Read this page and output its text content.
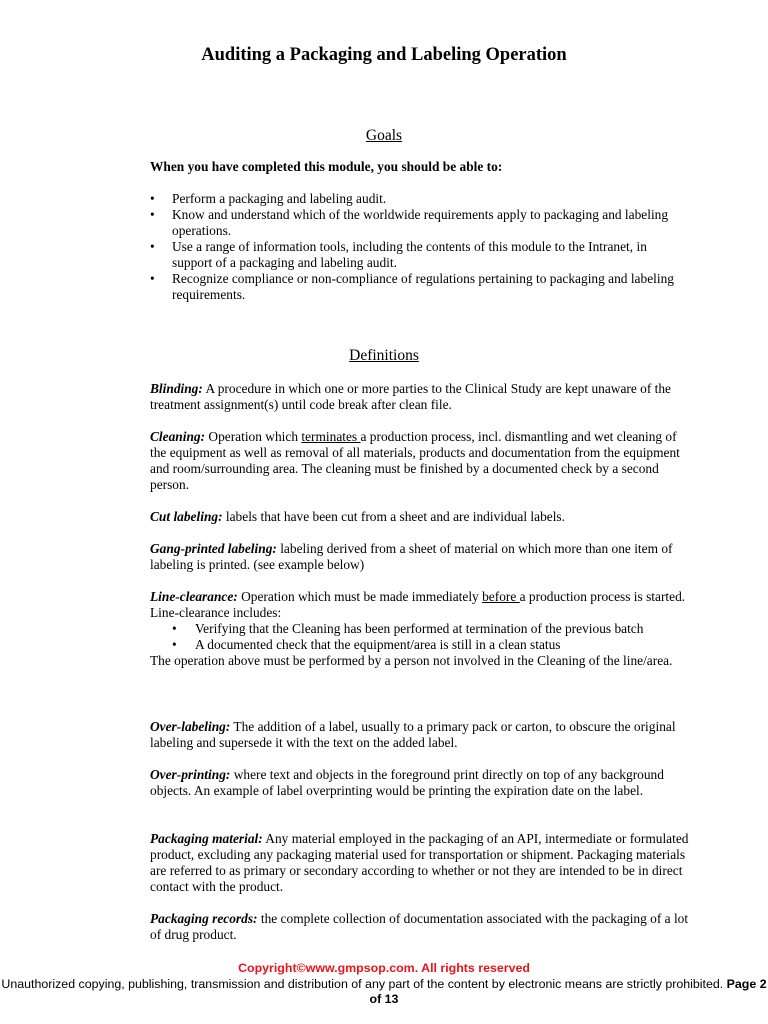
Auditing a Packaging and Labeling Operation
Goals
When you have completed this module, you should be able to:
•	Perform a packaging and labeling audit.
•	Know and understand which of the worldwide requirements apply to packaging and labeling operations.
•	Use a range of information tools, including the contents of this module to the Intranet, in support of a packaging and labeling audit.
•	Recognize compliance or non-compliance of regulations pertaining to packaging and labeling requirements.
Definitions
Blinding: A procedure in which one or more parties to the Clinical Study are kept unaware of the treatment assignment(s) until code break after clean file.
Cleaning: Operation which terminates a production process, incl. dismantling and wet cleaning of the equipment as well as removal of all materials, products and documentation from the equipment and room/surrounding area. The cleaning must be finished by a documented check by a second person.
Cut labeling: labels that have been cut from a sheet and are individual labels.
Gang-printed labeling: labeling derived from a sheet of material on which more than one item of labeling is printed. (see example below)
Line-clearance: Operation which must be made immediately before a production process is started. Line-clearance includes:
• Verifying that the Cleaning has been performed at termination of the previous batch
• A documented check that the equipment/area is still in a clean status
The operation above must be performed by a person not involved in the Cleaning of the line/area.
Over-labeling: The addition of a label, usually to a primary pack or carton, to obscure the original labeling and supersede it with the text on the added label.
Over-printing: where text and objects in the foreground print directly on top of any background objects. An example of label overprinting would be printing the expiration date on the label.
Packaging material: Any material employed in the packaging of an API, intermediate or formulated product, excluding any packaging material used for transportation or shipment. Packaging materials are referred to as primary or secondary according to whether or not they are intended to be in direct contact with the product.
Packaging records: the complete collection of documentation associated with the packaging of a lot of drug product.
Copyright©www.gmpsop.com. All rights reserved
Unauthorized copying, publishing, transmission and distribution of any part of the content by electronic means are strictly prohibited. Page 2 of 13
